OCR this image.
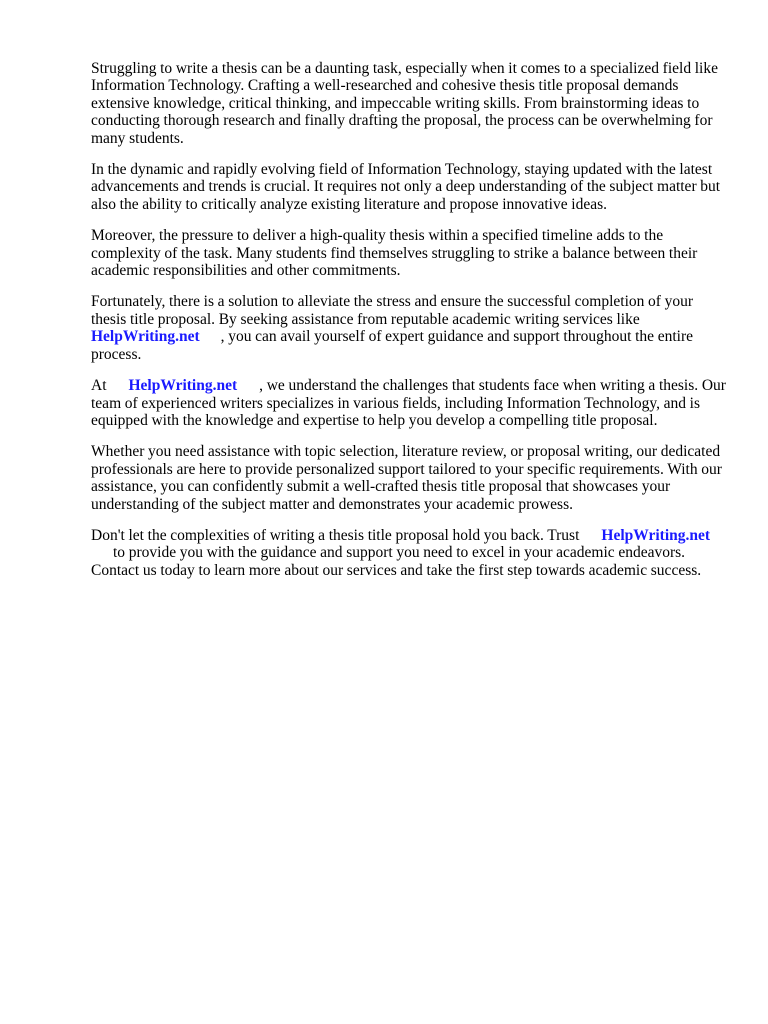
Struggling to write a thesis can be a daunting task, especially when it comes to a specialized field like Information Technology. Crafting a well-researched and cohesive thesis title proposal demands extensive knowledge, critical thinking, and impeccable writing skills. From brainstorming ideas to conducting thorough research and finally drafting the proposal, the process can be overwhelming for many students.

In the dynamic and rapidly evolving field of Information Technology, staying updated with the latest advancements and trends is crucial. It requires not only a deep understanding of the subject matter but also the ability to critically analyze existing literature and propose innovative ideas.

Moreover, the pressure to deliver a high-quality thesis within a specified timeline adds to the complexity of the task. Many students find themselves struggling to strike a balance between their academic responsibilities and other commitments.

Fortunately, there is a solution to alleviate the stress and ensure the successful completion of your thesis title proposal. By seeking assistance from reputable academic writing services like
HelpWriting.net , you can avail yourself of expert guidance and support throughout the entire process.

At HelpWriting.net , we understand the challenges that students face when writing a thesis. Our team of experienced writers specializes in various fields, including Information Technology, and is equipped with the knowledge and expertise to help you develop a compelling title proposal.

Whether you need assistance with topic selection, literature review, or proposal writing, our dedicated professionals are here to provide personalized support tailored to your specific requirements. With our assistance, you can confidently submit a well-crafted thesis title proposal that showcases your understanding of the subject matter and demonstrates your academic prowess.

Don't let the complexities of writing a thesis title proposal hold you back. Trust HelpWriting.net
to provide you with the guidance and support you need to excel in your academic endeavors. Contact us today to learn more about our services and take the first step towards academic success.
